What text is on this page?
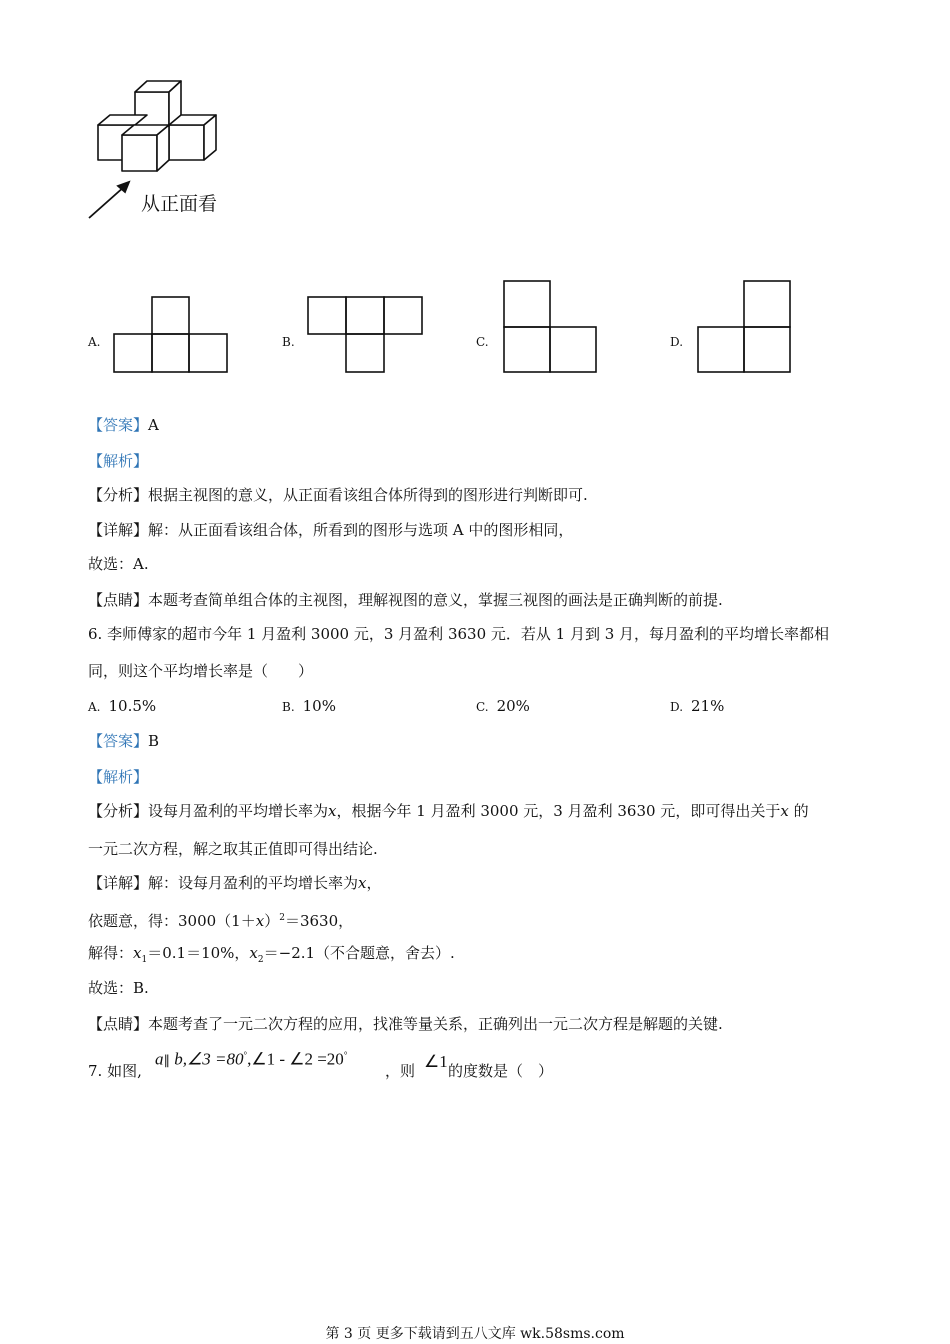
从正面看
A.	B.	C.	D.
【答案】A
【解析】
【分析】根据主视图的意义，从正面看该组合体所得到的图形进行判断即可.
【详解】解：从正面看该组合体，所看到的图形与选项 A 中的图形相同，
故选：A.
【点睛】本题考查简单组合体的主视图，理解视图的意义，掌握三视图的画法是正确判断的前提.
6. 李师傅家的超市今年 1 月盈利 3000 元，3 月盈利 3630 元．若从 1 月到 3 月，每月盈利的平均增长率都相
同，则这个平均增长率是（　　）
A. 10.5%	B. 10%	C. 20%	D. 21%
【答案】B
【解析】
【分析】设每月盈利的平均增长率为x，根据今年 1 月盈利 3000 元，3 月盈利 3630 元，即可得出关于x 的
一元二次方程，解之取其正值即可得出结论.
【详解】解：设每月盈利的平均增长率为x，
依题意，得：$3000(1+x)^2=3630$，
解得：$x_1=0.1=10\%$，$x_2=-2.1$（不合题意，舍去）.
故选：B.
【点睛】本题考查了一元二次方程的应用，找准等量关系，正确列出一元二次方程是解题的关键.
7. 如图,
a∥ b,∠3 =80°,∠1 - ∠2 =20°
，则 ∠1 的度数是（　）
第 3 页 更多下载请到五八文库 wk.58sms.com
